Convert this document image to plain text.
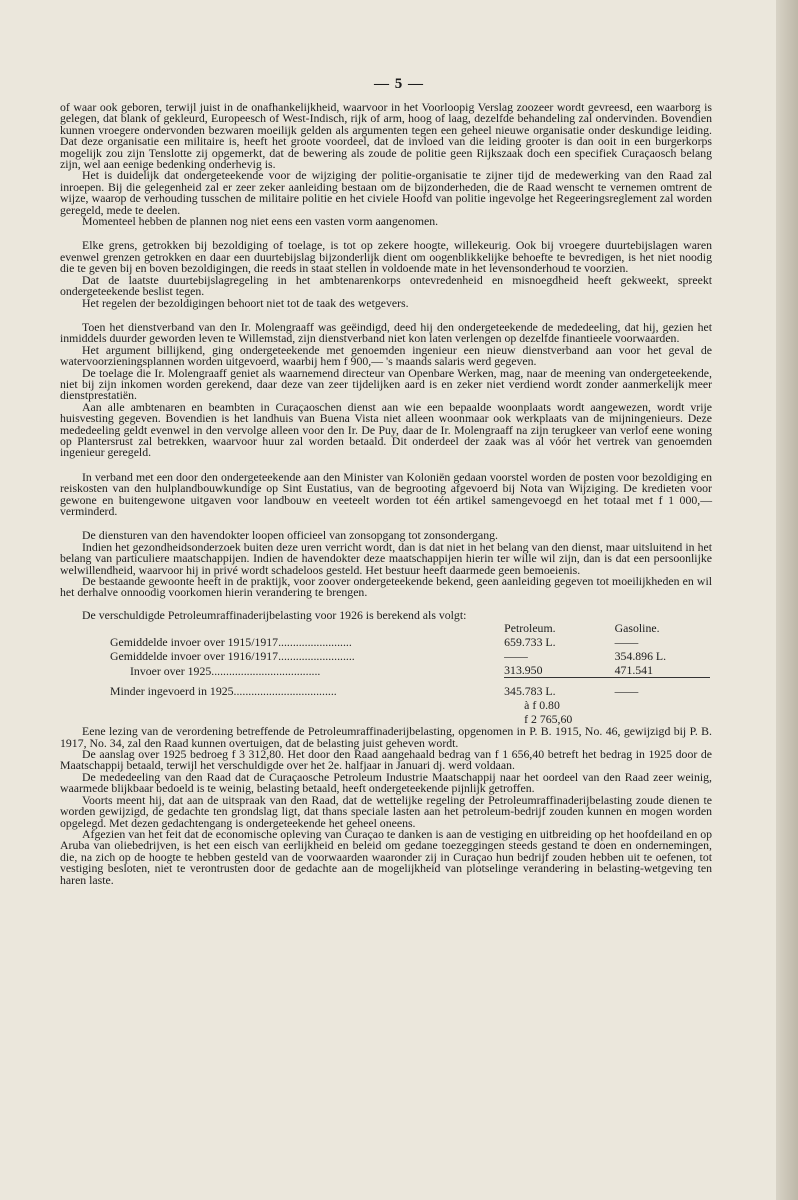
— 5 —

of waar ook geboren, terwijl juist in de onafhankelijkheid, waarvoor in het Voorloopig Verslag zoozeer wordt gevreesd, een waarborg is gelegen, dat blank of gekleurd, Europeesch of West-Indisch, rijk of arm, hoog of laag, dezelfde behandeling zal ondervinden. Bovendien kunnen vroegere ondervonden bezwaren moeilijk gelden als argumenten tegen een geheel nieuwe organisatie onder deskundige leiding. Dat deze organisatie een militaire is, heeft het groote voordeel, dat de invloed van die leiding grooter is dan ooit in een burgerkorps mogelijk zou zijn Tenslotte zij opgemerkt, dat de bewering als zoude de politie geen Rijkszaak doch een specifiek Curaçaosch belang zijn, wel aan eenige bedenking onderhevig is.

Het is duidelijk dat ondergeteekende voor de wijziging der politie-organisatie te zijner tijd de medewerking van den Raad zal inroepen. Bij die gelegenheid zal er zeer zeker aanleiding bestaan om de bijzonderheden, die de Raad wenscht te vernemen omtrent de wijze, waarop de verhouding tusschen de militaire politie en het civiele Hoofd van politie ingevolge het Regeeringsreglement zal worden geregeld, mede te deelen.

Momenteel hebben de plannen nog niet eens een vasten vorm aangenomen.

Elke grens, getrokken bij bezoldiging of toelage, is tot op zekere hoogte, willekeurig. Ook bij vroegere duurtebijslagen waren evenwel grenzen getrokken en daar een duurtebijslag bijzonderlijk dient om oogenblikkelijke behoefte te bevredigen, is het niet noodig die te geven bij en boven bezoldigingen, die reeds in staat stellen in voldoende mate in het levensonderhoud te voorzien.

Dat de laatste duurtebijslagregeling in het ambtenarenkorps ontevredenheid en misnoegdheid heeft gekweekt, spreekt ondergeteekende beslist tegen.

Het regelen der bezoldigingen behoort niet tot de taak des wetgevers.

Toen het dienstverband van den Ir. Molengraaff was geëindigd, deed hij den ondergeteekende de mededeeling, dat hij, gezien het inmiddels duurder geworden leven te Willemstad, zijn dienstverband niet kon laten verlengen op dezelfde finantieele voorwaarden.

Het argument billijkend, ging ondergeteekende met genoemden ingenieur een nieuw dienstverband aan voor het geval de watervoorzieningsplannen worden uitgevoerd, waarbij hem f 900,— 's maands salaris werd gegeven.

De toelage die Ir. Molengraaff geniet als waarnemend directeur van Openbare Werken, mag, naar de meening van ondergeteekende, niet bij zijn inkomen worden gerekend, daar deze van zeer tijdelijken aard is en zeker niet verdiend wordt zonder aanmerkelijk meer dienstprestatiën.

Aan alle ambtenaren en beambten in Curaçaoschen dienst aan wie een bepaalde woonplaats wordt aangewezen, wordt vrije huisvesting gegeven. Bovendien is het landhuis van Buena Vista niet alleen woonmaar ook werkplaats van de mijningenieurs. Deze mededeeling geldt evenwel in den vervolge alleen voor den Ir. De Puy, daar de Ir. Molengraaff na zijn terugkeer van verlof eene woning op Plantersrust zal betrekken, waarvoor huur zal worden betaald. Dit onderdeel der zaak was al vóór het vertrek van genoemden ingenieur geregeld.

In verband met een door den ondergeteekende aan den Minister van Koloniën gedaan voorstel worden de posten voor bezoldiging en reiskosten van den hulplandbouwkundige op Sint Eustatius, van de begrooting afgevoerd bij Nota van Wijziging. De kredieten voor gewone en buitengewone uitgaven voor landbouw en veeteelt worden tot één artikel samengevoegd en het totaal met f 1 000,— verminderd.

De diensturen van den havendokter loopen officieel van zonsopgang tot zonsondergang.

Indien het gezondheidsonderzoek buiten deze uren verricht wordt, dan is dat niet in het belang van den dienst, maar uitsluitend in het belang van particuliere maatschappijen. Indien de havendokter deze maatschappijen hierin ter wille wil zijn, dan is dat een persoonlijke welwillendheid, waarvoor hij in privé wordt schadeloos gesteld. Het bestuur heeft daarmede geen bemoeienis.

De bestaande gewoonte heeft in de praktijk, voor zoover ondergeteekende bekend, geen aanleiding gegeven tot moeilijkheden en wil het derhalve onnoodig voorkomen hierin verandering te brengen.

De verschuldigde Petroleumraffinaderijbelasting voor 1926 is berekend als volgt:

	Petroleum.	Gasoline.
Gemiddelde invoer over 1915/1917.........................	659.733 L.	——
Gemiddelde invoer over 1916/1917..........................	——	354.896 L.
Invoer over 1925.....................................	313.950	471.541

Minder ingevoerd in 1925...................................	345.783 L.	——
	à f 0.80	
	f 2 765,60	

Eene lezing van de verordening betreffende de Petroleumraffinaderijbelasting, opgenomen in P. B. 1915, No. 46, gewijzigd bij P. B. 1917, No. 34, zal den Raad kunnen overtuigen, dat de belasting juist geheven wordt.

De aanslag over 1925 bedroeg f 3 312,80. Het door den Raad aangehaald bedrag van f 1 656,40 betreft het bedrag in 1925 door de Maatschappij betaald, terwijl het verschuldigde over het 2e. halfjaar in Januari dj. werd voldaan.

De mededeeling van den Raad dat de Curaçaosche Petroleum Industrie Maatschappij naar het oordeel van den Raad zeer weinig, waarmede blijkbaar bedoeld is te weinig, belasting betaald, heeft ondergeteekende pijnlijk getroffen.

Voorts meent hij, dat aan de uitspraak van den Raad, dat de wettelijke regeling der Petroleumraffinaderijbelasting zoude dienen te worden gewijzigd, de gedachte ten grondslag ligt, dat thans speciale lasten aan het petroleum-bedrijf zouden kunnen en mogen worden opgelegd. Met dezen gedachtengang is ondergeteekende het geheel oneens.

Afgezien van het feit dat de economische opleving van Curaçao te danken is aan de vestiging en uitbreiding op het hoofdeiland en op Aruba van oliebedrijven, is het een eisch van eerlijkheid en beleid om gedane toezeggingen steeds gestand te doen en ondernemingen, die, na zich op de hoogte te hebben gesteld van de voorwaarden waaronder zij in Curaçao hun bedrijf zouden hebben uit te oefenen, tot vestiging besloten, niet te verontrusten door de gedachte aan de mogelijkheid van plotselinge verandering in belasting-wetgeving ten haren laste.
